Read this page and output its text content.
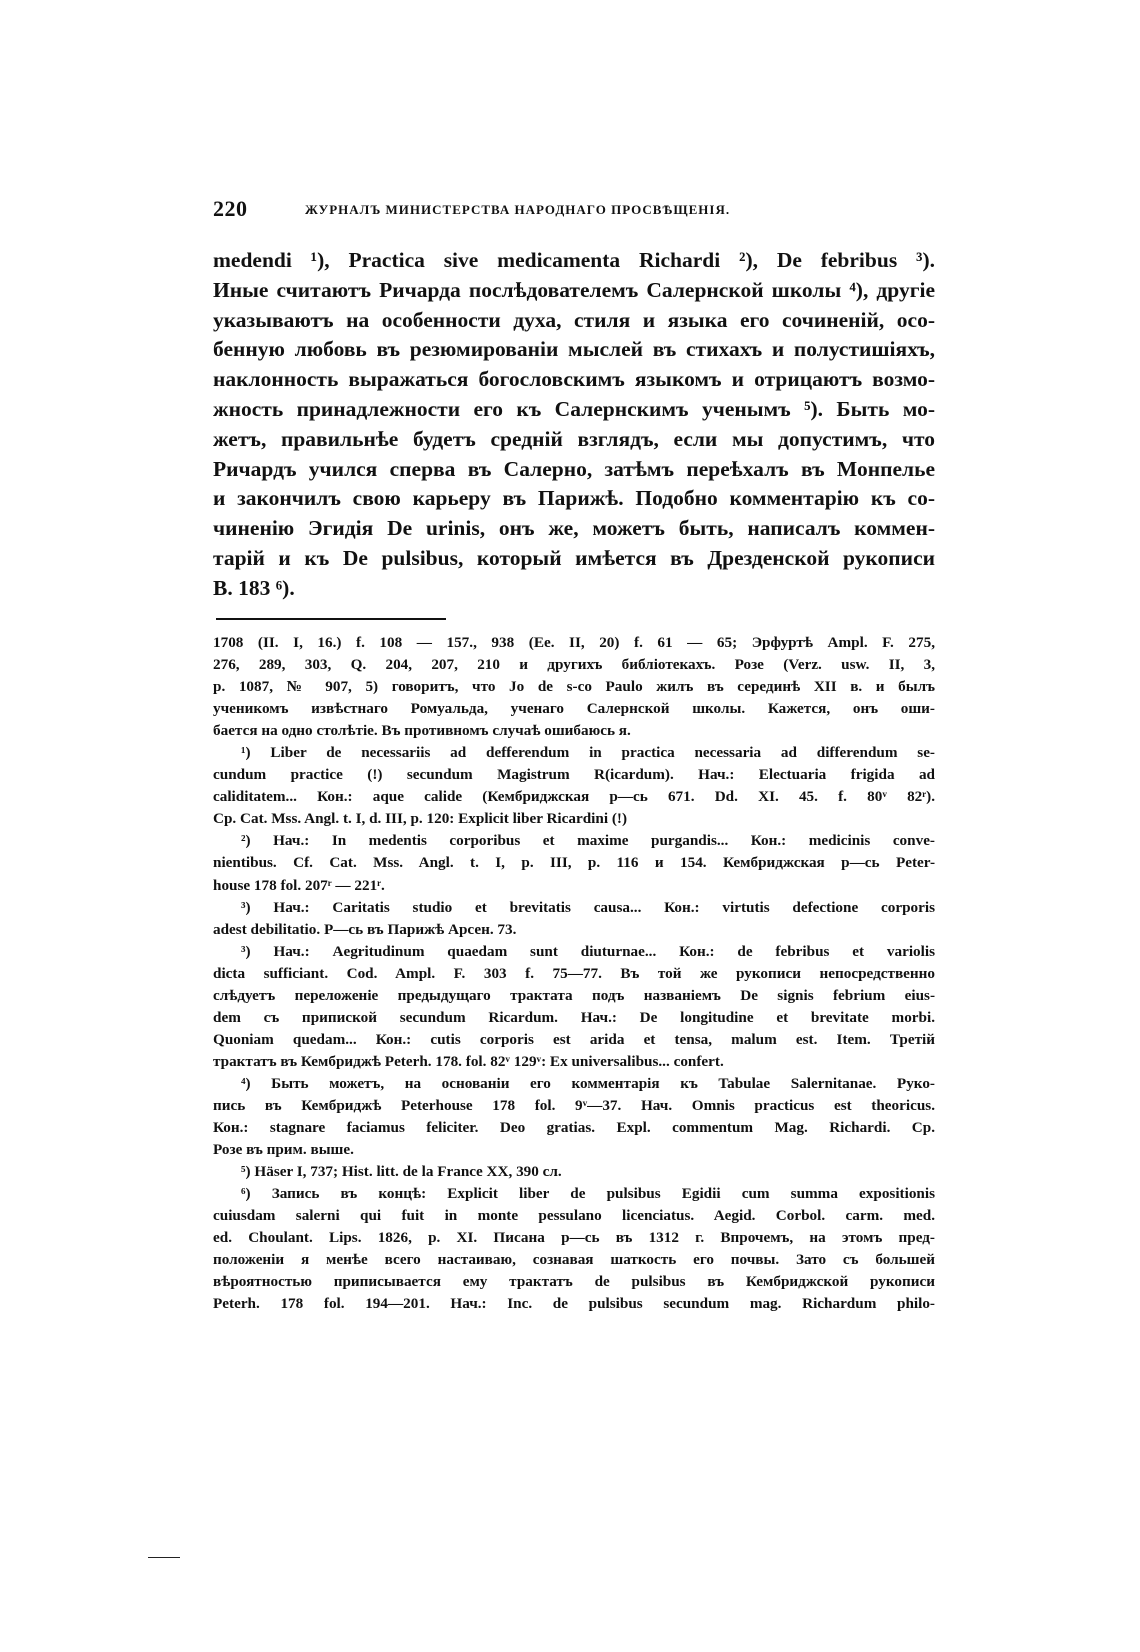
220	ЖУРНАЛЪ МИНИСТЕРСТВА НАРОДНАГО ПРОСВѢЩЕНІЯ.
medendi ¹), Practica sive medicamenta Richardi ²), De febribus ³).
Иные считаютъ Ричарда послѣдователемъ Салернской школы ⁴), другіе
указываютъ на особенности духа, стиля и языка его сочиненій, осо-
бенную любовь въ резюмированіи мыслей въ стихахъ и полустишіяхъ,
наклонность выражаться богословскимъ языкомъ и отрицаютъ возмо-
жность принадлежности его къ Салернскимъ ученымъ ⁵). Быть мо-
жетъ, правильнѣе будетъ средній взглядъ, если мы допустимъ, что
Ричардъ учился сперва въ Салерно, затѣмъ переѣхалъ въ Монпелье
и закончилъ свою карьеру въ Парижѣ. Подобно комментарію къ со-
чиненію Эгидія De urinis, онъ же, можетъ быть, написалъ коммен-
тарій и къ De pulsibus, который имѣется въ Дрезденской рукописи
B. 183 ⁶).
1708 (II. I, 16.) f. 108 — 157., 938 (Ee. II, 20) f. 61 — 65; Эрфуртѣ Ampl. F. 275,
276, 289, 303, Q. 204, 207, 210 и другихъ библіотекахъ. Розе (Verz. usw. II, 3,
p. 1087, № 907, 5) говоритъ, что Jo de s-co Paulo жилъ въ серединѣ XII в. и былъ
ученикомъ извѣстнаго Ромуальда, ученаго Салернской школы. Кажется, онъ оши-
бается на одно столѣтіе. Въ противномъ случаѣ ошибаюсь я.
¹) Liber de necessariis ad defferendum in practica necessaria ad differendum se-
cundum practice (!) secundum Magistrum R(icardum). Нач.: Electuaria frigida ad
caliditatem... Кон.: aque calide (Кембриджская р—сь 671. Dd. XI. 45. f. 80ᵛ 82ʳ).
Ср. Cat. Mss. Angl. t. I, d. III, p. 120: Explicit liber Ricardini (!)
²) Нач.: In medentis corporibus et maxime purgandis... Кон.: medicinis conve-
nientibus. Cf. Cat. Mss. Angl. t. I, p. III, p. 116 и 154. Кембриджская р—сь Peter-
house 178 fol. 207ʳ — 221ʳ.
³) Нач.: Caritatis studio et brevitatis causa... Кон.: virtutis defectione corporis
adest debilitatio. Р—сь въ Парижѣ Арсен. 73.
³) Нач.: Aegritudinum quaedam sunt diuturnae... Кон.: de febribus et variolis
dicta sufficiant. Cod. Ampl. F. 303 f. 75—77. Въ той же рукописи непосредственно
слѣдуетъ переложеніе предыдущаго трактата подъ названіемъ De signis febrium eius-
dem съ припиской secundum Ricardum. Нач.: De longitudine et brevitate morbi.
Quoniam quedam... Кон.: cutis corporis est arida et tensa, malum est. Item. Третій
трактатъ въ Кембриджѣ Peterh. 178. fol. 82ᵛ 129ᵛ: Ex universalibus... confert.
⁴) Быть можетъ, на основаніи его комментарія къ Tabulae Salernitanae. Руко-
пись въ Кембриджѣ Peterhouse 178 fol. 9ᵛ—37. Нач. Omnis practicus est theoricus.
Кон.: stagnare faciamus feliciter. Deo gratias. Expl. commentum Mag. Richardi. Ср.
Розе въ прим. выше.
⁵) Häser I, 737; Hist. litt. de la France XX, 390 сл.
⁶) Запись въ концѣ: Explicit liber de pulsibus Egidii cum summa expositionis
cuiusdam salerni qui fuit in monte pessulano licenciatus. Aegid. Corbol. carm. med.
ed. Choulant. Lips. 1826, p. XI. Писана р—сь въ 1312 г. Впрочемъ, на этомъ пред-
положеніи я менѣе всего настаиваю, сознавая шаткость его почвы. Зато съ большей
вѣроятностью приписывается ему трактатъ de pulsibus въ Кембриджской рукописи
Peterh. 178 fol. 194—201. Нач.: Inc. de pulsibus secundum mag. Richardum philo-
